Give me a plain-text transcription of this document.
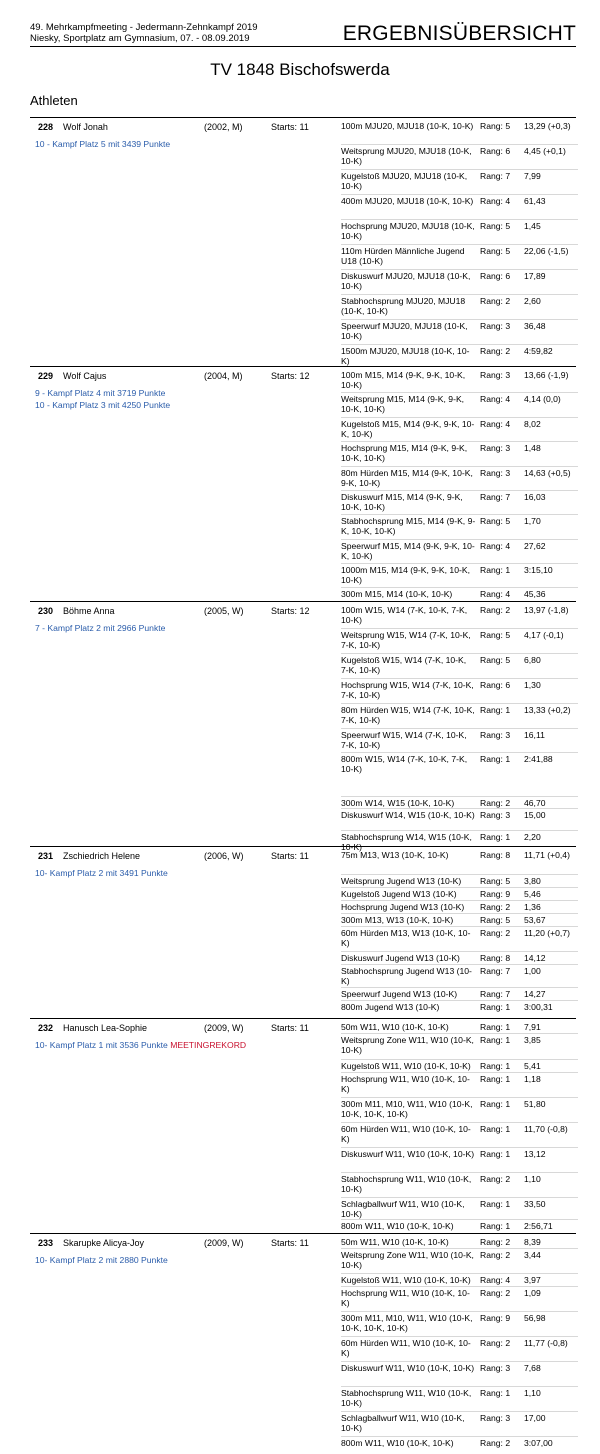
49. Mehrkampfmeeting - Jedermann-Zehnkampf 2019
Niesky, Sportplatz am Gymnasium, 07. - 08.09.2019	ERGEBNISÜBERSICHT
TV 1848 Bischofswerda
Athleten
228 Wolf Jonah	(2002, M)	Starts: 11
10 - Kampf Platz 5 mit 3439 Punkte
100m MJU20, MJU18 (10-K, 10-K) Rang: 5 13,29 (+0,3)
Weitsprung MJU20, MJU18 (10-K, 10-K)
Rang: 6 4,45 (+0,1)
Kugelstoß MJU20, MJU18 (10-K, 10-K)
Rang: 7 7,99
400m MJU20, MJU18 (10-K, 10-K) Rang: 4 61,43
Hochsprung MJU20, MJU18 (10-K, 10-K)
Rang: 5 1,45
110m Hürden Männliche Jugend U18 (10-K)
Rang: 5 22,06 (-1,5)
Diskuswurf MJU20, MJU18 (10-K, 10-K)
Rang: 6 17,89
Stabhochsprung MJU20, MJU18 (10-K, 10-K)
Rang: 2 2,60
Speerwurf MJU20, MJU18 (10-K, 10-K)
Rang: 3 36,48
1500m MJU20, MJU18 (10-K, 10-K)
Rang: 2 4:59,82
229 Wolf Cajus	(2004, M)	Starts: 12
9 - Kampf Platz 4 mit 3719 Punkte
10 - Kampf Platz 3 mit 4250 Punkte
100m M15, M14 (9-K, 9-K, 10-K, 10-K)
Rang: 3 13,66 (-1,9)
Weitsprung M15, M14 (9-K, 9-K, 10-K, 10-K)
Rang: 4 4,14 (0,0)
Kugelstoß M15, M14 (9-K, 9-K, 10-K, 10-K)
Rang: 4 8,02
Hochsprung M15, M14 (9-K, 9-K, 10-K, 10-K)
Rang: 3 1,48
80m Hürden M15, M14 (9-K, 10-K, 9-K, 10-K)
Rang: 3 14,63 (+0,5)
Diskuswurf M15, M14 (9-K, 9-K, 10-K, 10-K)
Rang: 7 16,03
Stabhochsprung M15, M14 (9-K, 9-K, 10-K, 10-K)
Rang: 5 1,70
Speerwurf M15, M14 (9-K, 9-K, 10-K, 10-K)
Rang: 4 27,62
1000m M15, M14 (9-K, 9-K, 10-K, 10-K)
Rang: 1 3:15,10
300m M15, M14 (10-K, 10-K)	Rang: 4 45,36
230 Böhme Anna	(2005, W)	Starts: 12
7 - Kampf Platz 2 mit 2966 Punkte
100m W15, W14 (7-K, 10-K, 7-K, 10-K)
Rang: 2 13,97 (-1,8)
Weitsprung W15, W14 (7-K, 10-K, 7-K, 10-K)
Rang: 5 4,17 (-0,1)
Kugelstoß W15, W14 (7-K, 10-K, 7-K, 10-K)
Rang: 5 6,80
Hochsprung W15, W14 (7-K, 10-K, 7-K, 10-K)
Rang: 6 1,30
80m Hürden W15, W14 (7-K, 10-K, 7-K, 10-K)
Rang: 1 13,33 (+0,2)
Speerwurf W15, W14 (7-K, 10-K, 7-K, 10-K)
Rang: 3 16,11
800m W15, W14 (7-K, 10-K, 7-K, 10-K)
Rang: 1 2:41,88
300m W14, W15 (10-K, 10-K)	Rang: 2 46,70
Diskuswurf W14, W15 (10-K, 10-K) Rang: 3 15,00
Stabhochsprung W14, W15 (10-K, 10-K)
Rang: 1 2,20
231 Zschiedrich Helene	(2006, W)	Starts: 11
10- Kampf Platz 2 mit 3491 Punkte
75m M13, W13 (10-K, 10-K)	Rang: 8 11,71 (+0,4)
Weitsprung Jugend W13 (10-K)	Rang: 5 3,80
Kugelstoß Jugend W13 (10-K)	Rang: 9 5,46
Hochsprung Jugend W13 (10-K)	Rang: 2 1,36
300m M13, W13 (10-K, 10-K)	Rang: 5 53,67
60m Hürden M13, W13 (10-K, 10-K)
Rang: 2 11,20 (+0,7)
Diskuswurf Jugend W13 (10-K)	Rang: 8 14,12
Stabhochsprung Jugend W13 (10-K)
Rang: 7 1,00
Speerwurf Jugend W13 (10-K)	Rang: 7 14,27
800m Jugend W13 (10-K)	Rang: 1 3:00,31
232 Hanusch Lea-Sophie	(2009, W)	Starts: 11
10- Kampf Platz 1 mit 3536 Punkte MEETINGREKORD
50m W11, W10 (10-K, 10-K)	Rang: 1 7,91
Weitsprung Zone W11, W10 (10-K, 10-K)
Rang: 1 3,85
Kugelstoß W11, W10 (10-K, 10-K)	Rang: 1 5,41
Hochsprung W11, W10 (10-K, 10-K)
Rang: 1 1,18
300m M11, M10, W11, W10 (10-K, 10-K, 10-K, 10-K)
Rang: 1 51,80
60m Hürden W11, W10 (10-K, 10-K)
Rang: 1 11,70 (-0,8)
Diskuswurf W11, W10 (10-K, 10-K) Rang: 1 13,12
Stabhochsprung W11, W10 (10-K, 10-K)
Rang: 2 1,10
Schlagballwurf W11, W10 (10-K, 10-K)
Rang: 1 33,50
800m W11, W10 (10-K, 10-K)	Rang: 1 2:56,71
233 Skarupke Alicya-Joy	(2009, W)	Starts: 11
10- Kampf Platz 2 mit 2880 Punkte
50m W11, W10 (10-K, 10-K)	Rang: 2 8,39
Weitsprung Zone W11, W10 (10-K, 10-K)
Rang: 2 3,44
Kugelstoß W11, W10 (10-K, 10-K)	Rang: 4 3,97
Hochsprung W11, W10 (10-K, 10-K)
Rang: 2 1,09
300m M11, M10, W11, W10 (10-K, 10-K, 10-K, 10-K)
Rang: 9 56,98
60m Hürden W11, W10 (10-K, 10-K)
Rang: 2 11,77 (-0,8)
Diskuswurf W11, W10 (10-K, 10-K) Rang: 3 7,68
Stabhochsprung W11, W10 (10-K, 10-K)
Rang: 1 1,10
Schlagballwurf W11, W10 (10-K, 10-K)
Rang: 3 17,00
800m W11, W10 (10-K, 10-K)	Rang: 2 3:07,00
